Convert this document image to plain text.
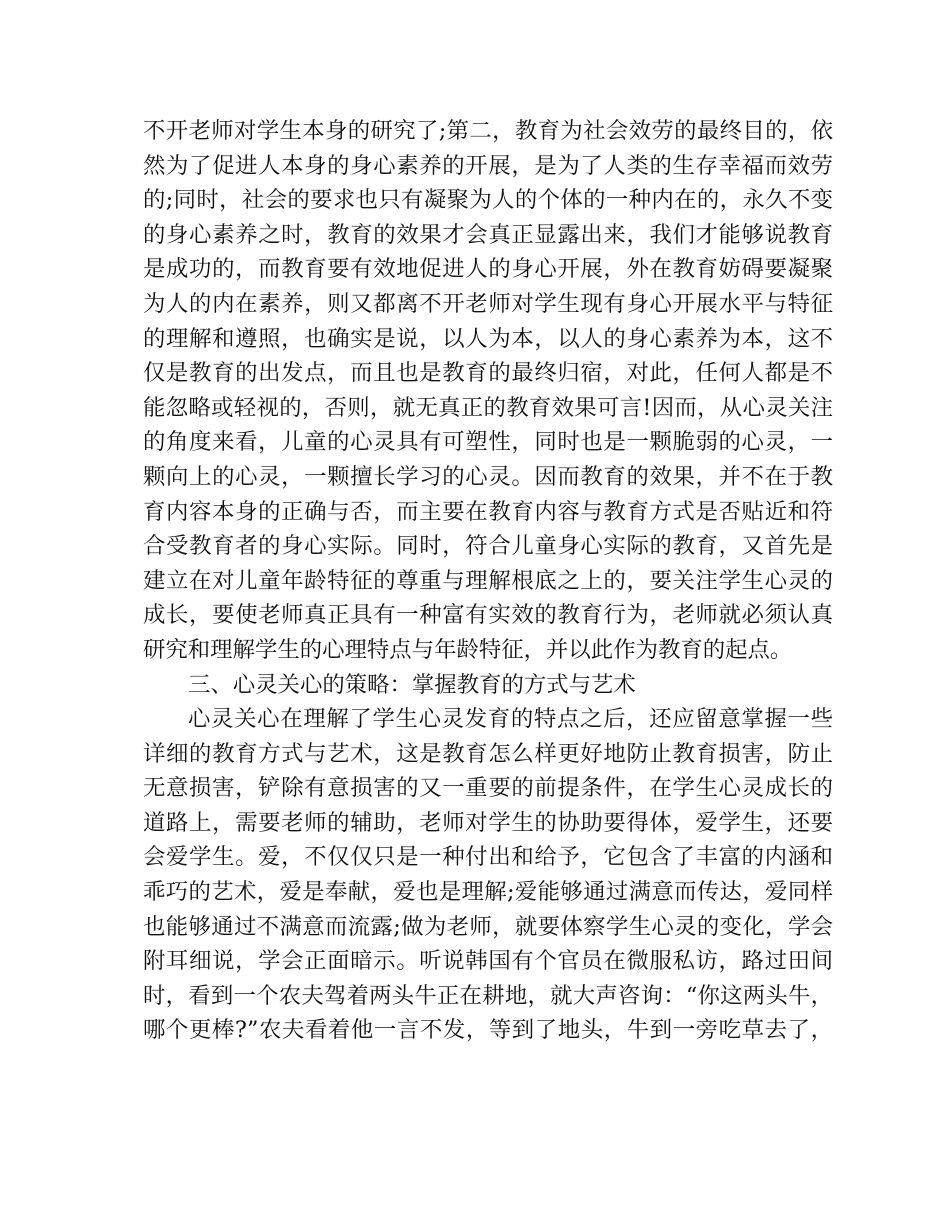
不开老师对学生本身的研究了;第二，教育为社会效劳的最终目的，依
然为了促进人本身的身心素养的开展，是为了人类的生存幸福而效劳
的;同时，社会的要求也只有凝聚为人的个体的一种内在的，永久不变
的身心素养之时，教育的效果才会真正显露出来，我们才能够说教育
是成功的，而教育要有效地促进人的身心开展，外在教育妨碍要凝聚
为人的内在素养，则又都离不开老师对学生现有身心开展水平与特征
的理解和遵照，也确实是说，以人为本，以人的身心素养为本，这不
仅是教育的出发点，而且也是教育的最终归宿，对此，任何人都是不
能忽略或轻视的，否则，就无真正的教育效果可言!因而，从心灵关注
的角度来看，儿童的心灵具有可塑性，同时也是一颗脆弱的心灵，一
颗向上的心灵，一颗擅长学习的心灵。因而教育的效果，并不在于教
育内容本身的正确与否，而主要在教育内容与教育方式是否贴近和符
合受教育者的身心实际。同时，符合儿童身心实际的教育，又首先是
建立在对儿童年龄特征的尊重与理解根底之上的，要关注学生心灵的
成长，要使老师真正具有一种富有实效的教育行为，老师就必须认真
研究和理解学生的心理特点与年龄特征，并以此作为教育的起点。
三、心灵关心的策略：掌握教育的方式与艺术
心灵关心在理解了学生心灵发育的特点之后，还应留意掌握一些
详细的教育方式与艺术，这是教育怎么样更好地防止教育损害，防止
无意损害，铲除有意损害的又一重要的前提条件，在学生心灵成长的
道路上，需要老师的辅助，老师对学生的协助要得体，爱学生，还要
会爱学生。爱，不仅仅只是一种付出和给予，它包含了丰富的内涵和
乖巧的艺术，爱是奉献，爱也是理解;爱能够通过满意而传达，爱同样
也能够通过不满意而流露;做为老师，就要体察学生心灵的变化，学会
附耳细说，学会正面暗示。听说韩国有个官员在微服私访，路过田间
时，看到一个农夫驾着两头牛正在耕地，就大声咨询：“你这两头牛，
哪个更棒?”农夫看着他一言不发，等到了地头，牛到一旁吃草去了，
